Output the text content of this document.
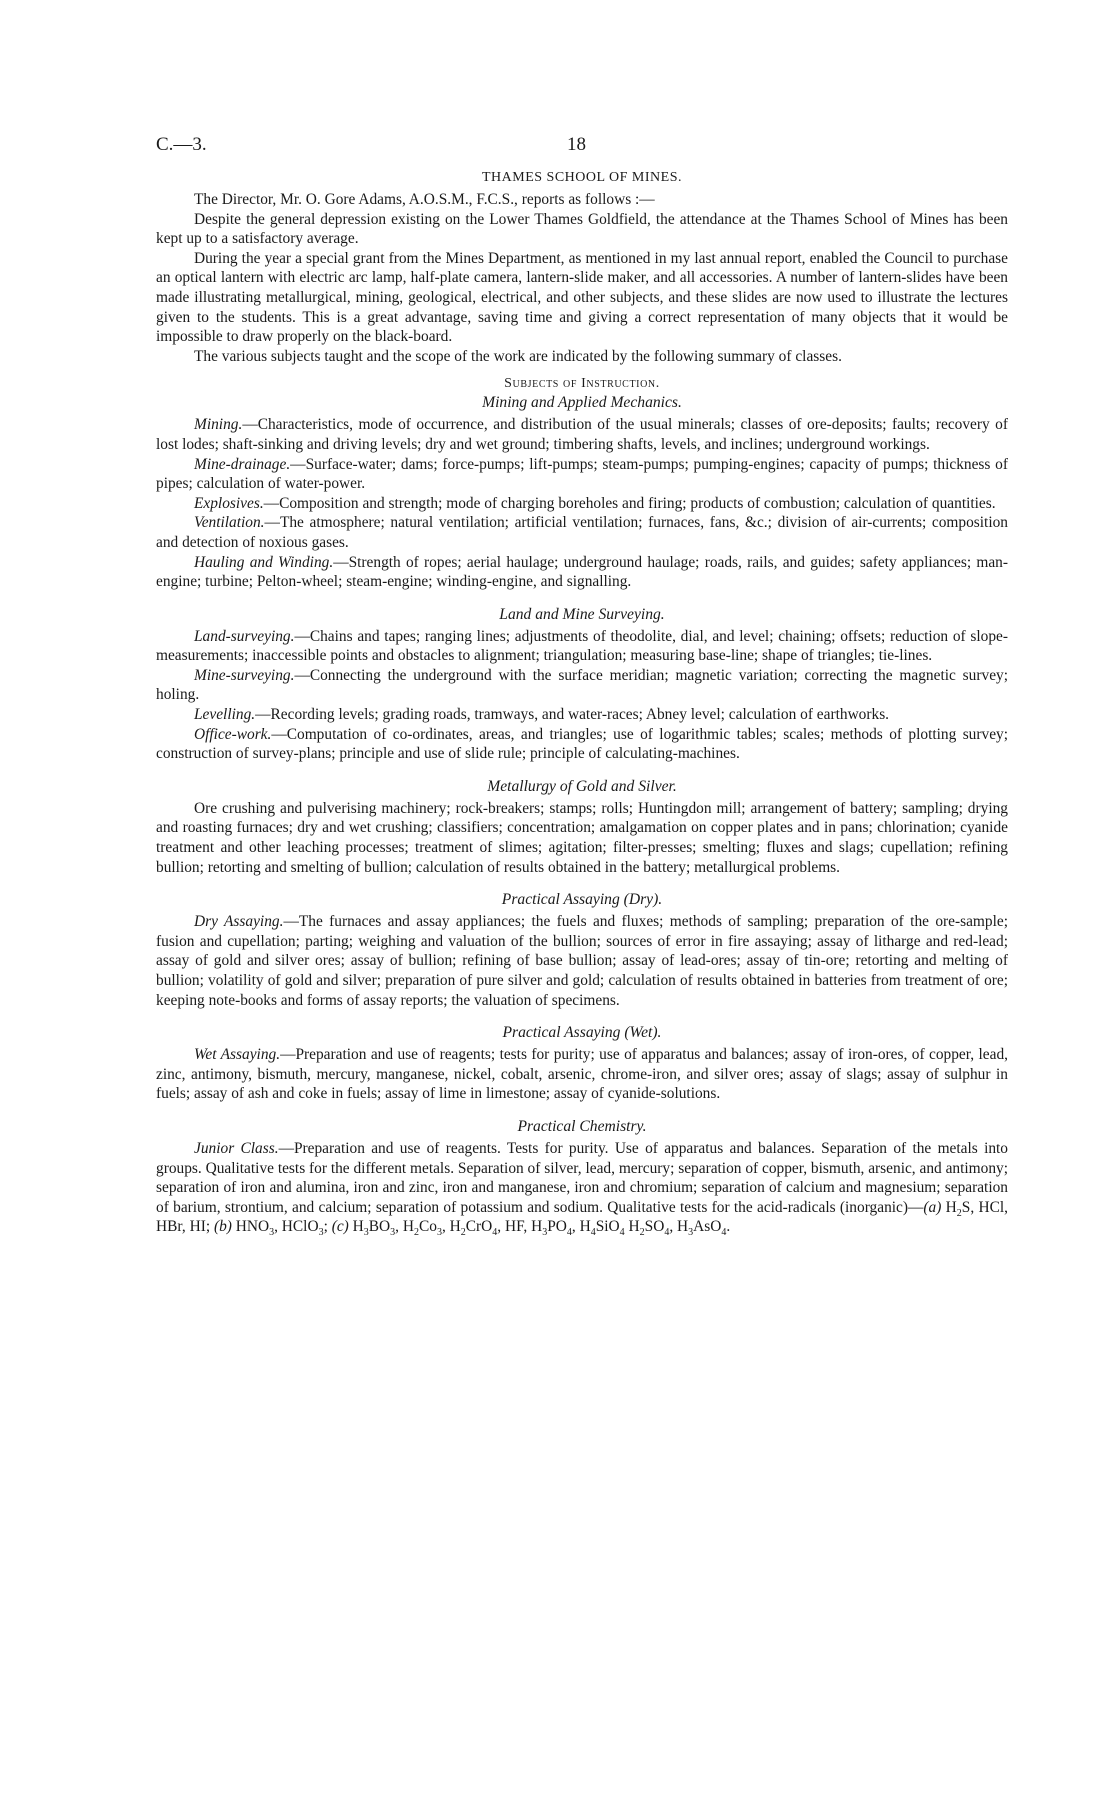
C.—3.	18
THAMES SCHOOL OF MINES.

The Director, Mr. O. Gore Adams, A.O.S.M., F.C.S., reports as follows :—

Despite the general depression existing on the Lower Thames Goldfield, the attendance at the Thames School of Mines has been kept up to a satisfactory average.

During the year a special grant from the Mines Department, as mentioned in my last annual report, enabled the Council to purchase an optical lantern with electric arc lamp, half-plate camera, lantern-slide maker, and all accessories. A number of lantern-slides have been made illustrating metallurgical, mining, geological, electrical, and other subjects, and these slides are now used to illustrate the lectures given to the students. This is a great advantage, saving time and giving a correct representation of many objects that it would be impossible to draw properly on the black-board.

The various subjects taught and the scope of the work are indicated by the following summary of classes.

Subjects of Instruction.
Mining and Applied Mechanics.

Mining.—Characteristics, mode of occurrence, and distribution of the usual minerals; classes of ore-deposits; faults; recovery of lost lodes; shaft-sinking and driving levels; dry and wet ground; timbering shafts, levels, and inclines; underground workings.

Mine-drainage.—Surface-water; dams; force-pumps; lift-pumps; steam-pumps; pumping-engines; capacity of pumps; thickness of pipes; calculation of water-power.

Explosives.—Composition and strength; mode of charging boreholes and firing; products of combustion; calculation of quantities.

Ventilation.—The atmosphere; natural ventilation; artificial ventilation; furnaces, fans, &c.; division of air-currents; composition and detection of noxious gases.

Hauling and Winding.—Strength of ropes; aerial haulage; underground haulage; roads, rails, and guides; safety appliances; man-engine; turbine; Pelton-wheel; steam-engine; winding-engine, and signalling.

Land and Mine Surveying.

Land-surveying.—Chains and tapes; ranging lines; adjustments of theodolite, dial, and level; chaining; offsets; reduction of slope-measurements; inaccessible points and obstacles to alignment; triangulation; measuring base-line; shape of triangles; tie-lines.

Mine-surveying.—Connecting the underground with the surface meridian; magnetic variation; correcting the magnetic survey; holing.

Levelling.—Recording levels; grading roads, tramways, and water-races; Abney level; calculation of earthworks.

Office-work.—Computation of co-ordinates, areas, and triangles; use of logarithmic tables; scales; methods of plotting survey; construction of survey-plans; principle and use of slide rule; principle of calculating-machines.

Metallurgy of Gold and Silver.

Ore crushing and pulverising machinery; rock-breakers; stamps; rolls; Huntingdon mill; arrangement of battery; sampling; drying and roasting furnaces; dry and wet crushing; classifiers; concentration; amalgamation on copper plates and in pans; chlorination; cyanide treatment and other leaching processes; treatment of slimes; agitation; filter-presses; smelting; fluxes and slags; cupellation; refining bullion; retorting and smelting of bullion; calculation of results obtained in the battery; metallurgical problems.

Practical Assaying (Dry).

Dry Assaying.—The furnaces and assay appliances; the fuels and fluxes; methods of sampling; preparation of the ore-sample; fusion and cupellation; parting; weighing and valuation of the bullion; sources of error in fire assaying; assay of litharge and red-lead; assay of gold and silver ores; assay of bullion; refining of base bullion; assay of lead-ores; assay of tin-ore; retorting and melting of bullion; volatility of gold and silver; preparation of pure silver and gold; calculation of results obtained in batteries from treatment of ore; keeping note-books and forms of assay reports; the valuation of specimens.

Practical Assaying (Wet).

Wet Assaying.—Preparation and use of reagents; tests for purity; use of apparatus and balances; assay of iron-ores, of copper, lead, zinc, antimony, bismuth, mercury, manganese, nickel, cobalt, arsenic, chrome-iron, and silver ores; assay of slags; assay of sulphur in fuels; assay of ash and coke in fuels; assay of lime in limestone; assay of cyanide-solutions.

Practical Chemistry.

Junior Class.—Preparation and use of reagents. Tests for purity. Use of apparatus and balances. Separation of the metals into groups. Qualitative tests for the different metals. Separation of silver, lead, mercury; separation of copper, bismuth, arsenic, and antimony; separation of iron and alumina, iron and zinc, iron and manganese, iron and chromium; separation of calcium and magnesium; separation of barium, strontium, and calcium; separation of potassium and sodium. Qualitative tests for the acid-radicals (inorganic)—(a) $H_2S$, HCl, HBr, HI; (b) $HNO_3$, HClO$_3$; (c) $H_3BO_3$, $H_2Co_3$, $H_2CrO_4$, HF, $H_3PO_4$, $H_4SiO_4$ $H_2SO_4$, $H_3AsO_4$.
